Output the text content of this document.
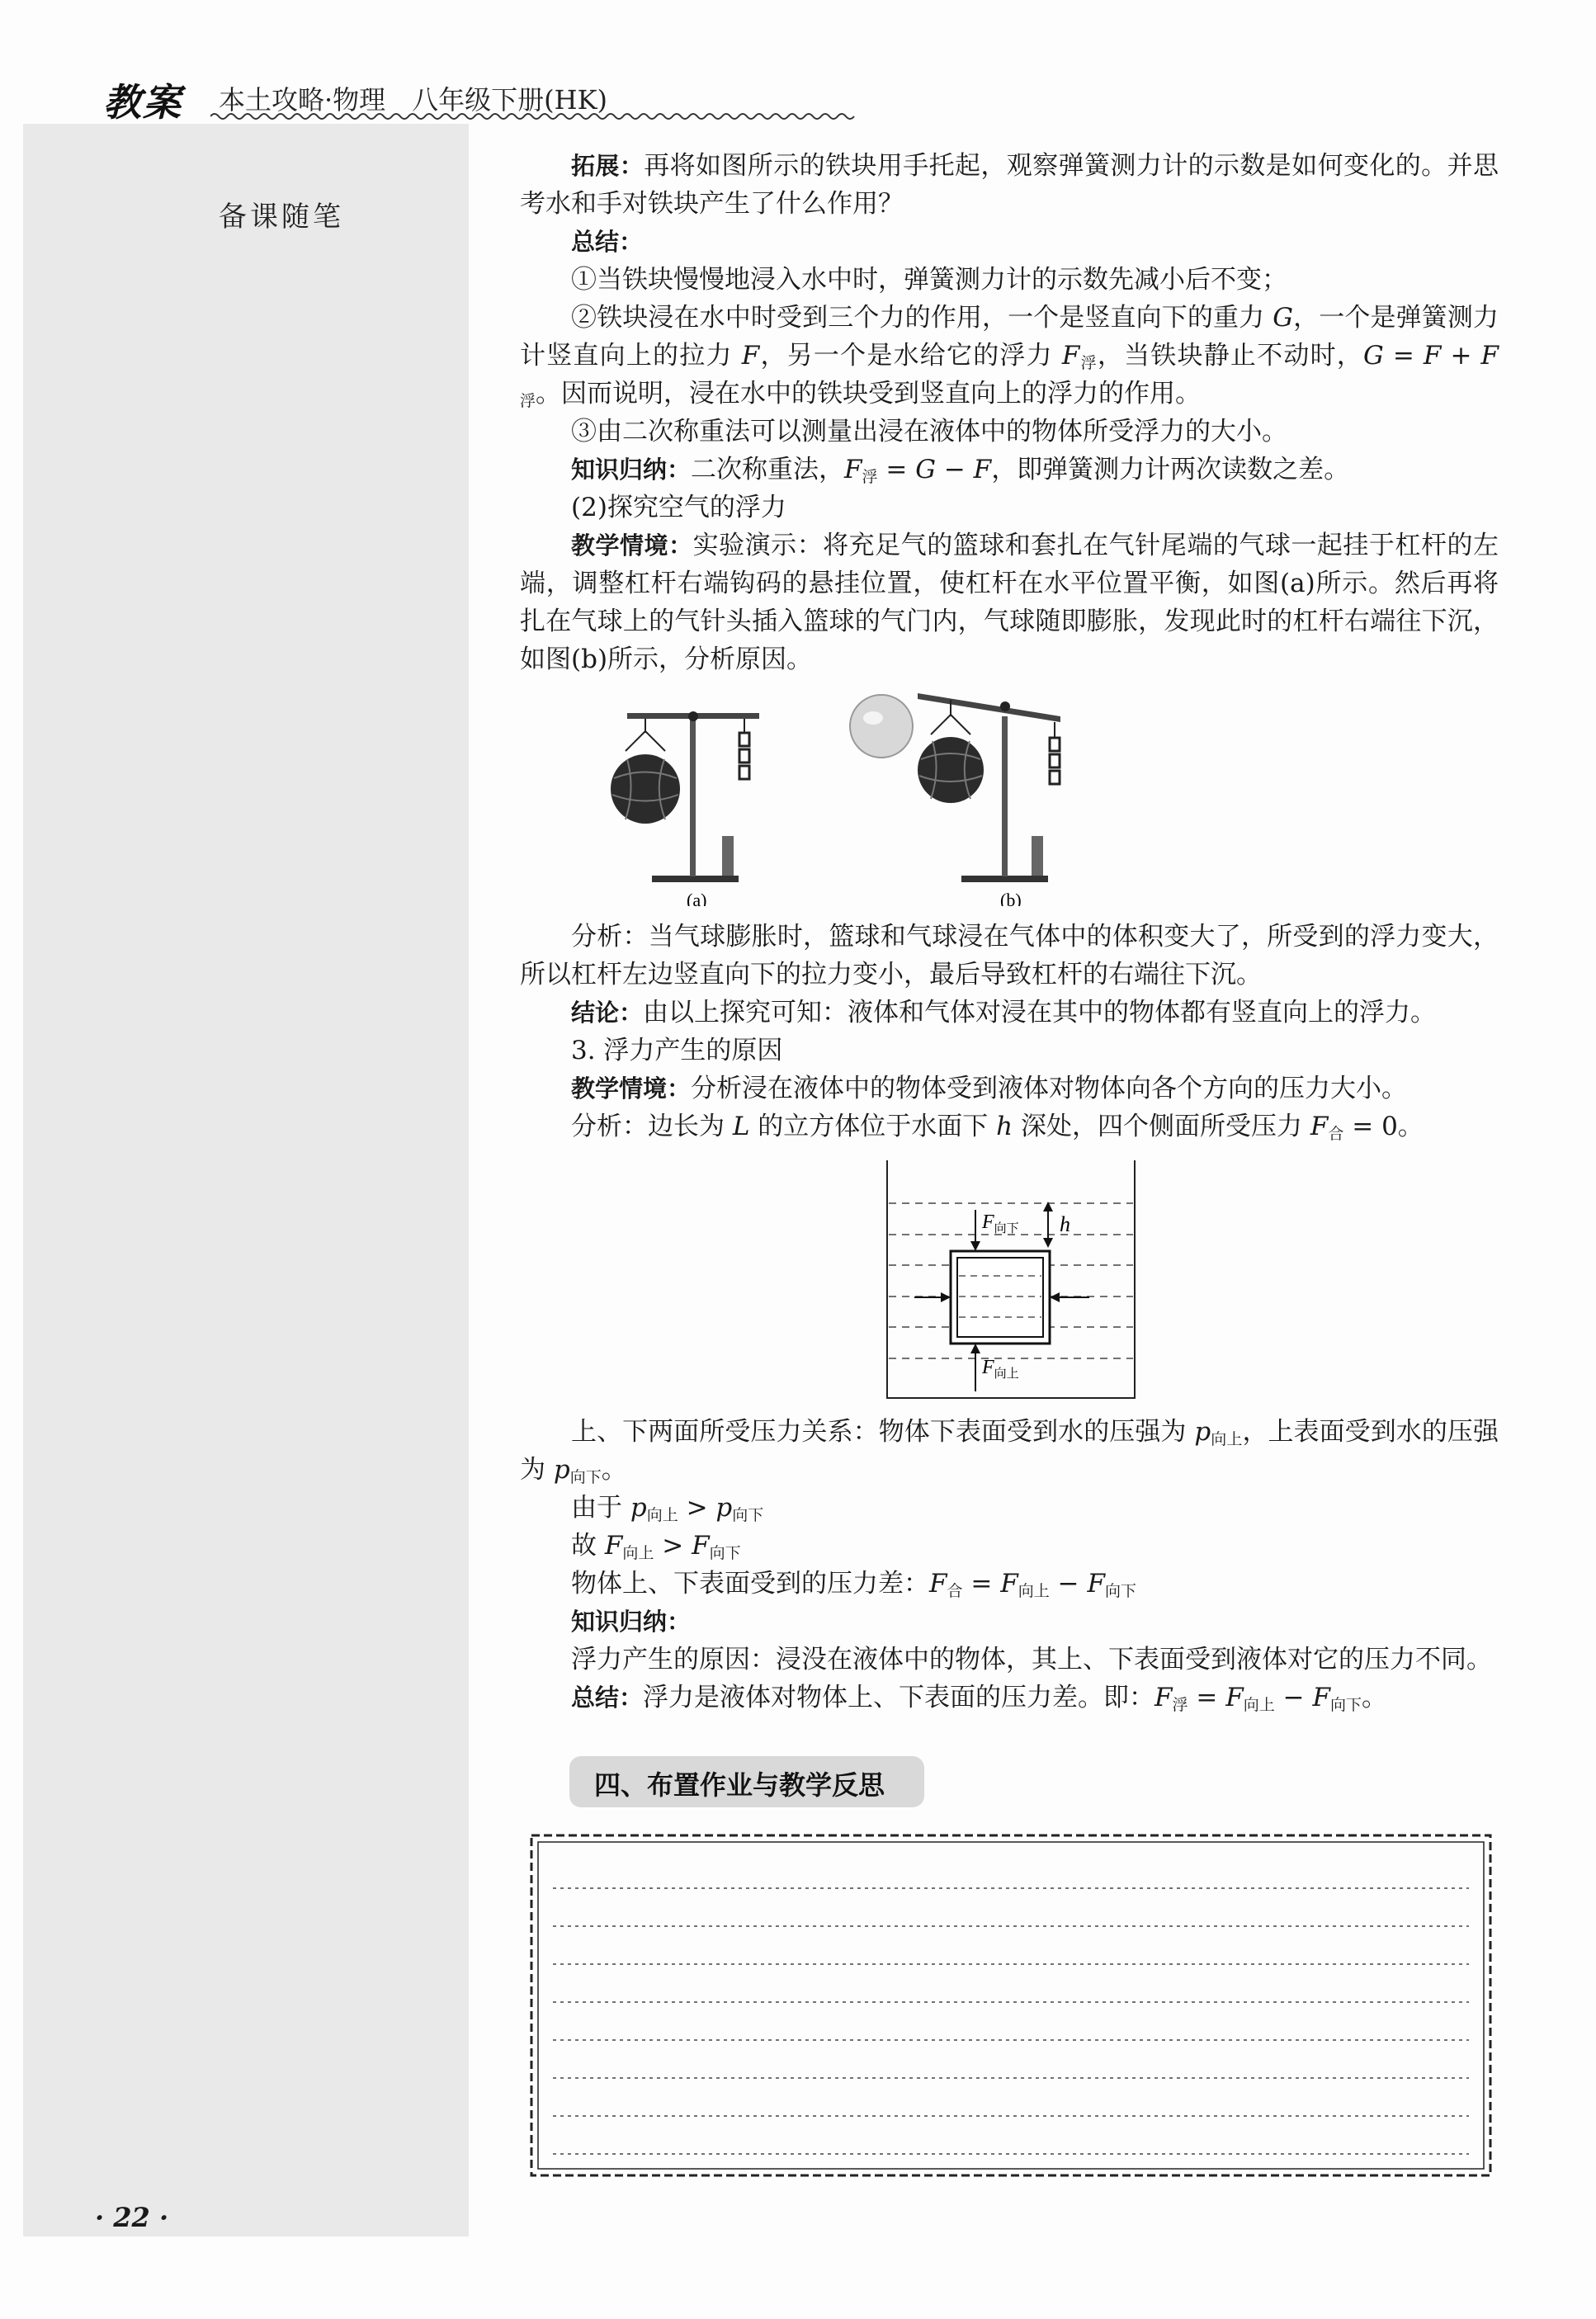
备课随笔
教案 本土攻略·物理　八年级下册(HK)

拓展：再将如图所示的铁块用手托起，观察弹簧测力计的示数是如何变化的。并思考水和手对铁块产生了什么作用？

总结：

①当铁块慢慢地浸入水中时，弹簧测力计的示数先减小后不变；

②铁块浸在水中时受到三个力的作用，一个是竖直向下的重力 G，一个是弹簧测力计竖直向上的拉力 F，另一个是水给它的浮力 $F_浮$，当铁块静止不动时，$G = F + F_浮$。因而说明，浸在水中的铁块受到竖直向上的浮力的作用。

③由二次称重法可以测量出浸在液体中的物体所受浮力的大小。

知识归纳：二次称重法，$F_浮 = G - F$，即弹簧测力计两次读数之差。

(2)探究空气的浮力

教学情境：实验演示：将充足气的篮球和套扎在气针尾端的气球一起挂于杠杆的左端，调整杠杆右端钩码的悬挂位置，使杠杆在水平位置平衡，如图(a)所示。然后再将扎在气球上的气针头插入篮球的气门内，气球随即膨胀，发现此时的杠杆右端往下沉，如图(b)所示，分析原因。

(a)	(b)

分析：当气球膨胀时，篮球和气球浸在气体中的体积变大了，所受到的浮力变大，所以杠杆左边竖直向下的拉力变小，最后导致杠杆的右端往下沉。

结论：由以上探究可知：液体和气体对浸在其中的物体都有竖直向上的浮力。

3. 浮力产生的原因

教学情境：分析浸在液体中的物体受到液体对物体向各个方向的压力大小。

分析：边长为 L 的立方体位于水面下 h 深处，四个侧面所受压力 $F_合 = 0$。

$F_{向下}$
$F_{向上}$
h

上、下两面所受压力关系：物体下表面受到水的压强为 $p_{向上}$，上表面受到水的压强为 $p_{向下}$。

由于 $p_{向上} > p_{向下}$

故 $F_{向上} > F_{向下}$

物体上、下表面受到的压力差：$F_合 = F_{向上} - F_{向下}$

知识归纳：

浮力产生的原因：浸没在液体中的物体，其上、下表面受到液体对它的压力不同。

总结：浮力是液体对物体上、下表面的压力差。即：$F_浮 = F_{向上} - F_{向下}$。

四、布置作业与教学反思
· 22 ·
